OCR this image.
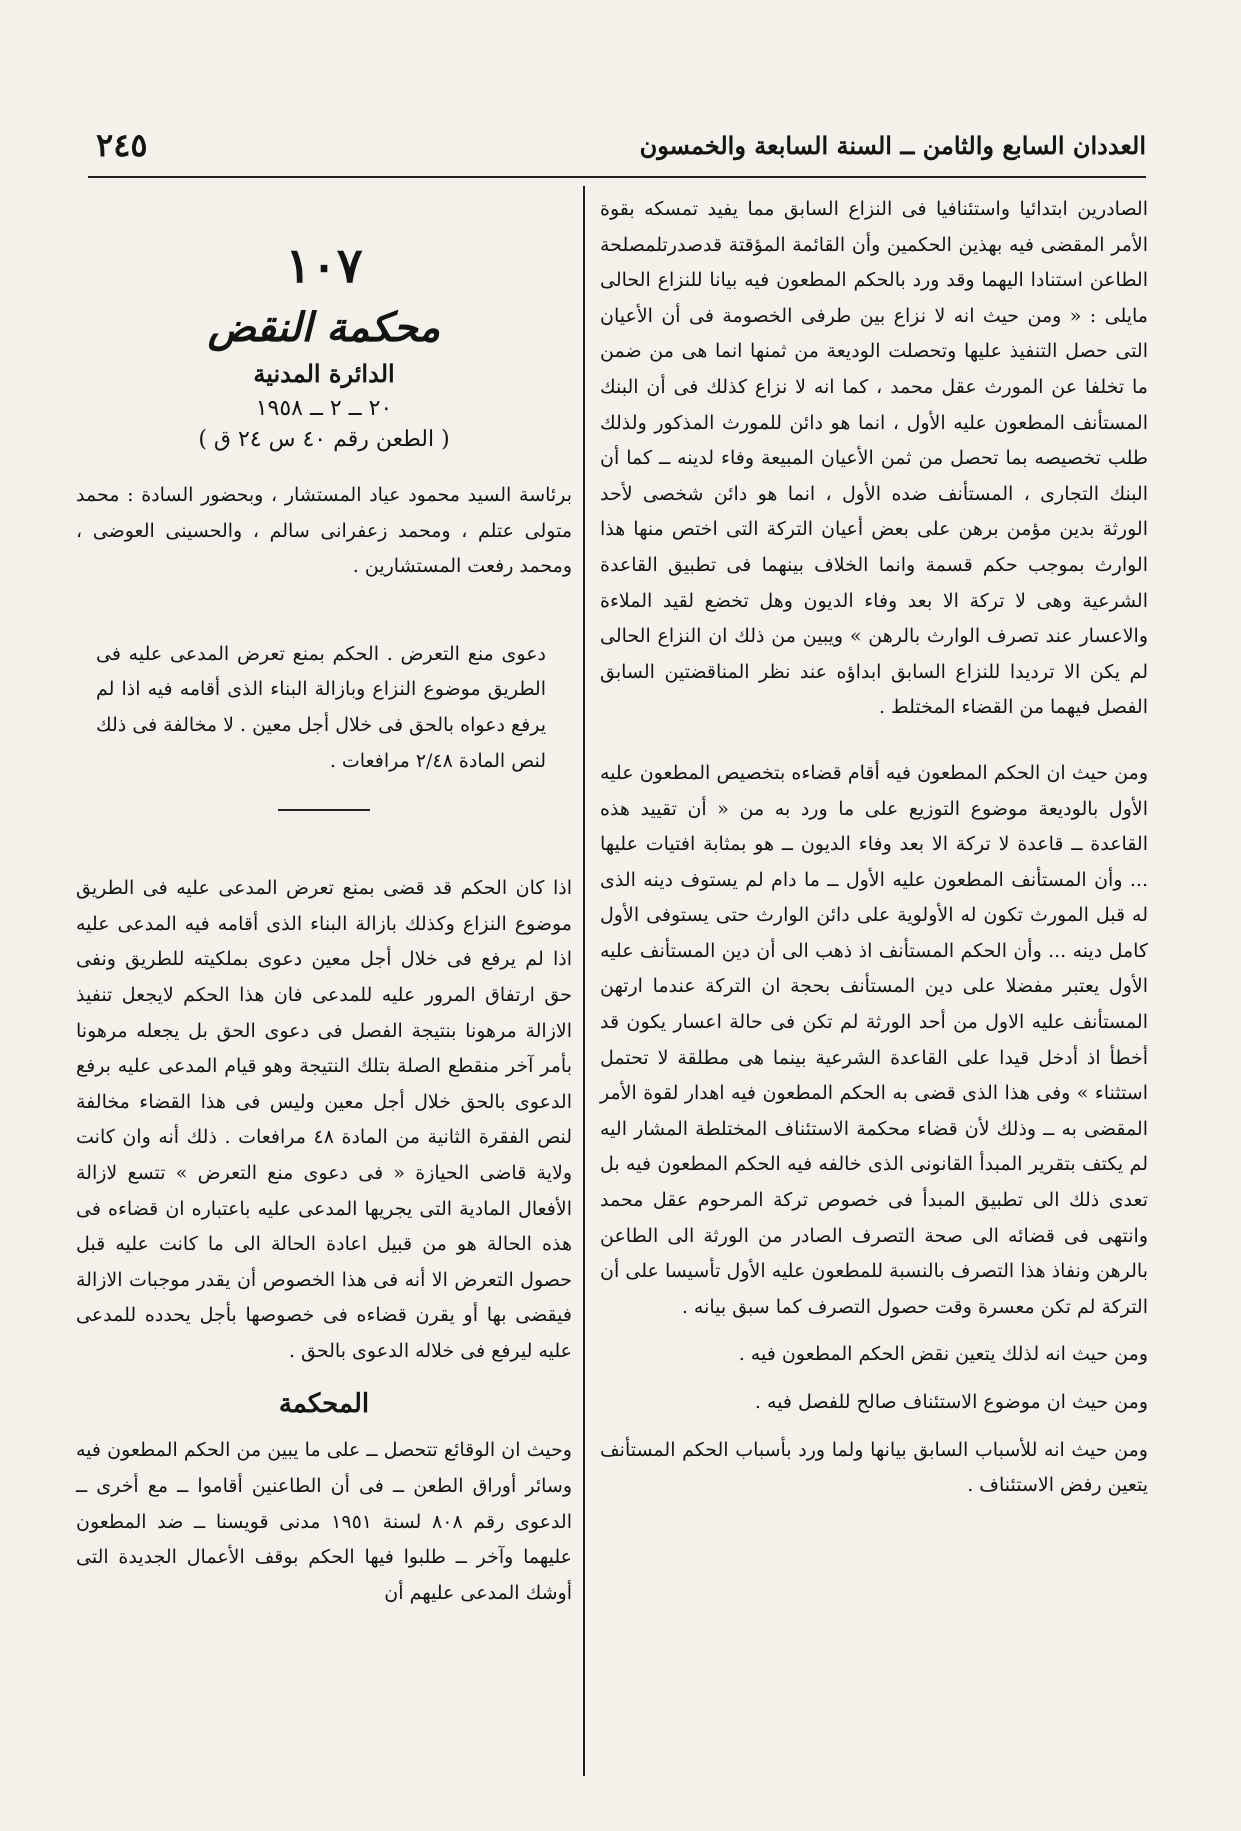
العددان السابع والثامن ــ السنة السابعة والخمسون
٢٤٥

الصادرين ابتدائيا واستئنافيا فى النزاع السابق مما يفيد تمسكه بقوة الأمر المقضى فيه بهذين الحكمين وأن القائمة المؤقتة قدصدرتلمصلحة الطاعن استنادا اليهما وقد ورد بالحكم المطعون فيه بيانا للنزاع الحالى مايلى : « ومن حيث انه لا نزاع بين طرفى الخصومة فى أن الأعيان التى حصل التنفيذ عليها وتحصلت الوديعة من ثمنها انما هى من ضمن ما تخلفا عن المورث عقل محمد ، كما انه لا نزاع كذلك فى أن البنك المستأنف المطعون عليه الأول ، انما هو دائن للمورث المذكور ولذلك طلب تخصيصه بما تحصل من ثمن الأعيان المبيعة وفاء لدينه ــ كما أن البنك التجارى ، المستأنف ضده الأول ، انما هو دائن شخصى لأحد الورثة بدين مؤمن برهن على بعض أعيان التركة التى اختص منها هذا الوارث بموجب حكم قسمة وانما الخلاف بينهما فى تطبيق القاعدة الشرعية وهى لا تركة الا بعد وفاء الديون وهل تخضع لقيد الملاءة والاعسار عند تصرف الوارث بالرهن » ويبين من ذلك ان النزاع الحالى لم يكن الا ترديدا للنزاع السابق ابداؤه عند نظر المناقضتين السابق الفصل فيهما من القضاء المختلط .

ومن حيث ان الحكم المطعون فيه أقام قضاءه بتخصيص المطعون عليه الأول بالوديعة موضوع التوزيع على ما ورد به من « أن تقييد هذه القاعدة ــ قاعدة لا تركة الا بعد وفاء الديون ــ هو بمثابة افتيات عليها ... وأن المستأنف المطعون عليه الأول ــ ما دام لم يستوف دينه الذى له قبل المورث تكون له الأولوية على دائن الوارث حتى يستوفى الأول كامل دينه ... وأن الحكم المستأنف اذ ذهب الى أن دين المستأنف عليه الأول يعتبر مفضلا على دين المستأنف بحجة ان التركة عندما ارتهن المستأنف عليه الاول من أحد الورثة لم تكن فى حالة اعسار يكون قد أخطأ اذ أدخل قيدا على القاعدة الشرعية بينما هى مطلقة لا تحتمل استثناء » وفى هذا الذى قضى به الحكم المطعون فيه اهدار لقوة الأمر المقضى به ــ وذلك لأن قضاء محكمة الاستئناف المختلطة المشار اليه لم يكتف بتقرير المبدأ القانونى الذى خالفه فيه الحكم المطعون فيه بل تعدى ذلك الى تطبيق المبدأ فى خصوص تركة المرحوم عقل محمد وانتهى فى قضائه الى صحة التصرف الصادر من الورثة الى الطاعن بالرهن ونفاذ هذا التصرف بالنسبة للمطعون عليه الأول تأسيسا على أن التركة لم تكن معسرة وقت حصول التصرف كما سبق بيانه .

ومن حيث انه لذلك يتعين نقض الحكم المطعون فيه .

ومن حيث ان موضوع الاستئناف صالح للفصل فيه .

ومن حيث انه للأسباب السابق بيانها ولما ورد بأسباب الحكم المستأنف يتعين رفض الاستئناف .

١٠٧

محكمة النقض

الدائرة المدنية

٢٠ ــ ٢ ــ ١٩٥٨

( الطعن رقم ٤٠ س ٢٤ ق )

برئاسة السيد محمود عياد المستشار ، وبحضور السادة : محمد متولى عتلم ، ومحمد زعفرانى سالم ، والحسينى العوضى ، ومحمد رفعت المستشارين .

دعوى منع التعرض . الحكم بمنع تعرض المدعى عليه فى الطريق موضوع النزاع وبازالة البناء الذى أقامه فيه اذا لم يرفع دعواه بالحق فى خلال أجل معين . لا مخالفة فى ذلك لنص المادة ٢/٤٨ مرافعات .

اذا كان الحكم قد قضى بمنع تعرض المدعى عليه فى الطريق موضوع النزاع وكذلك بازالة البناء الذى أقامه فيه المدعى عليه اذا لم يرفع فى خلال أجل معين دعوى بملكيته للطريق ونفى حق ارتفاق المرور عليه للمدعى فان هذا الحكم لايجعل تنفيذ الازالة مرهونا بنتيجة الفصل فى دعوى الحق بل يجعله مرهونا بأمر آخر منقطع الصلة بتلك النتيجة وهو قيام المدعى عليه برفع الدعوى بالحق خلال أجل معين وليس فى هذا القضاء مخالفة لنص الفقرة الثانية من المادة ٤٨ مرافعات . ذلك أنه وان كانت ولاية قاضى الحيازة « فى دعوى منع التعرض » تتسع لازالة الأفعال المادية التى يجريها المدعى عليه باعتباره ان قضاءه فى هذه الحالة هو من قبيل اعادة الحالة الى ما كانت عليه قبل حصول التعرض الا أنه فى هذا الخصوص أن يقدر موجبات الازالة فيقضى بها أو يقرن قضاءه فى خصوصها بأجل يحدده للمدعى عليه ليرفع فى خلاله الدعوى بالحق .

المحكمة

وحيث ان الوقائع تتحصل ــ على ما يبين من الحكم المطعون فيه وسائر أوراق الطعن ــ فى أن الطاعنين أقاموا ــ مع أخرى ــ الدعوى رقم ٨٠٨ لسنة ١٩٥١ مدنى قويسنا ــ ضد المطعون عليهما وآخر ــ طلبوا فيها الحكم بوقف الأعمال الجديدة التى أوشك المدعى عليهم أن
